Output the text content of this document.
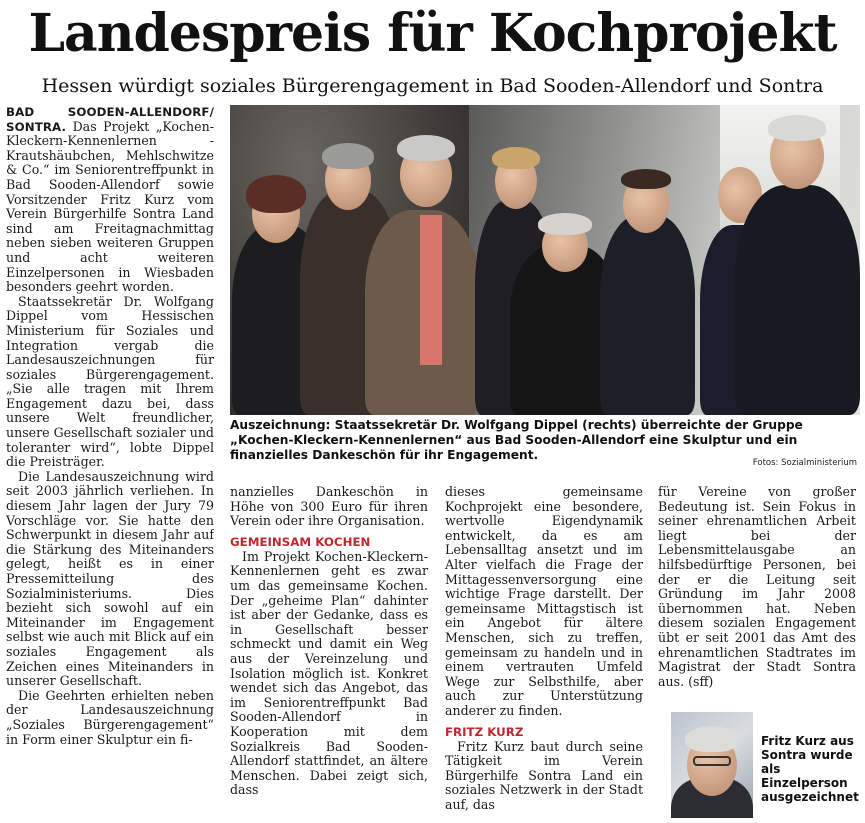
Landespreis für Kochprojekt
Hessen würdigt soziales Bürgerengagement in Bad Sooden-Allendorf und Sontra

BAD SOODEN-ALLENDORF/ SONTRA. Das Projekt „Kochen-Kleckern-Kennenlernen - Krautshäubchen, Mehlschwitze & Co.“ im Seniorentreffpunkt in Bad Sooden-Allendorf sowie Vorsitzender Fritz Kurz vom Verein Bürgerhilfe Sontra Land sind am Freitagnachmittag neben sieben weiteren Gruppen und acht weiteren Einzelpersonen in Wiesbaden besonders geehrt worden.

Staatssekretär Dr. Wolfgang Dippel vom Hessischen Ministerium für Soziales und Integration vergab die Landesauszeichnungen für soziales Bürgerengagement. „Sie alle tragen mit Ihrem Engagement dazu bei, dass unsere Welt freundlicher, unsere Gesellschaft sozialer und toleranter wird“, lobte Dippel die Preisträger.

Die Landesauszeichnung wird seit 2003 jährlich verliehen. In diesem Jahr lagen der Jury 79 Vorschläge vor. Sie hatte den Schwerpunkt in diesem Jahr auf die Stärkung des Miteinanders gelegt, heißt es in einer Pressemitteilung des Sozialministeriums. Dies bezieht sich sowohl auf ein Miteinander im Engagement selbst wie auch mit Blick auf ein soziales Engagement als Zeichen eines Miteinanders in unserer Gesellschaft.

Die Geehrten erhielten neben der Landesauszeichnung „Soziales Bürgerengagement“ in Form einer Skulptur ein fi-

Auszeichnung: Staatssekretär Dr. Wolfgang Dippel (rechts) überreichte der Gruppe „Kochen-Kleckern-Kennenlernen“ aus Bad Sooden-Allendorf eine Skulptur und ein finanzielles Dankeschön für ihr Engagement.
Fotos: Sozialministerium

nanzielles Dankeschön in Höhe von 300 Euro für ihren Verein oder ihre Organisation.

GEMEINSAM KOCHEN

Im Projekt Kochen-Kleckern-Kennenlernen geht es zwar um das gemeinsame Kochen. Der „geheime Plan“ dahinter ist aber der Gedanke, dass es in Gesellschaft besser schmeckt und damit ein Weg aus der Vereinzelung und Isolation möglich ist. Konkret wendet sich das Angebot, das im Seniorentreffpunkt Bad Sooden-Allendorf in Kooperation mit dem Sozialkreis Bad Sooden-Allendorf stattfindet, an ältere Menschen. Dabei zeigt sich, dass

dieses gemeinsame Kochprojekt eine besondere, wertvolle Eigendynamik entwickelt, da es am Lebensalltag ansetzt und im Alter vielfach die Frage der Mittagessenversorgung eine wichtige Frage darstellt. Der gemeinsame Mittagstisch ist ein Angebot für ältere Menschen, sich zu treffen, gemeinsam zu handeln und in einem vertrauten Umfeld Wege zur Selbsthilfe, aber auch zur Unterstützung anderer zu finden.

FRITZ KURZ

Fritz Kurz baut durch seine Tätigkeit im Verein Bürgerhilfe Sontra Land ein soziales Netzwerk in der Stadt auf, das

für Vereine von großer Bedeutung ist. Sein Fokus in seiner ehrenamtlichen Arbeit liegt bei der Lebensmittelausgabe an hilfsbedürftige Personen, bei der er die Leitung seit Gründung im Jahr 2008 übernommen hat. Neben diesem sozialen Engagement übt er seit 2001 das Amt des ehrenamtlichen Stadtrates im Magistrat der Stadt Sontra aus. (sff)

Fritz Kurz aus Sontra wurde als Einzelperson ausgezeichnet
